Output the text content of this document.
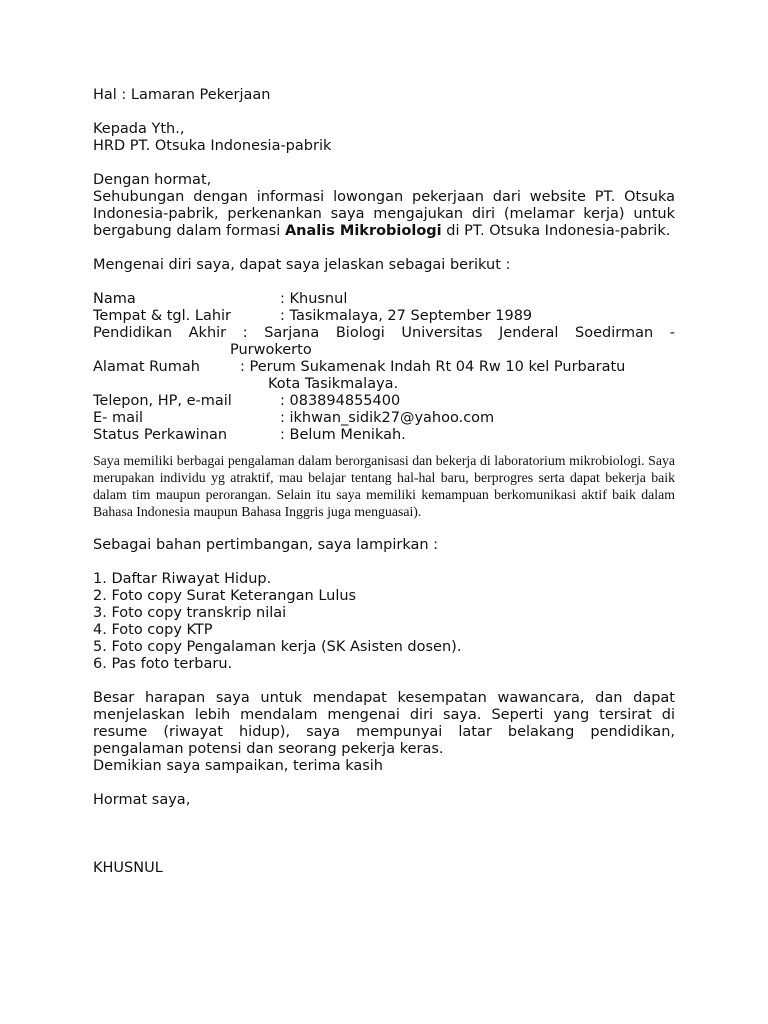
Hal : Lamaran Pekerjaan

Kepada Yth.,

HRD PT. Otsuka Indonesia-pabrik

Dengan hormat,

Sehubungan dengan informasi lowongan pekerjaan dari website PT. Otsuka Indonesia-pabrik, perkenankan saya mengajukan diri (melamar kerja) untuk bergabung dalam formasi Analis Mikrobiologi di PT. Otsuka Indonesia-pabrik.

Mengenai diri saya, dapat saya jelaskan sebagai berikut :

Nama	: Khusnul
Tempat & tgl. Lahir	: Tasikmalaya, 27 September 1989

Pendidikan Akhir : Sarjana Biologi Universitas Jenderal Soedirman -

Purwokerto

Alamat Rumah	: Perum Sukamenak Indah Rt 04 Rw 10 kel Purbaratu

Kota Tasikmalaya.

Telepon, HP, e-mail	: 083894855400
E- mail	: ikhwan_sidik27@yahoo.com
Status Perkawinan	: Belum Menikah.

Saya memiliki berbagai pengalaman dalam berorganisasi dan bekerja di laboratorium mikrobiologi. Saya merupakan individu yg atraktif, mau belajar tentang hal-hal baru, berprogres serta dapat bekerja baik dalam tim maupun perorangan. Selain itu saya memiliki kemampuan berkomunikasi aktif baik dalam Bahasa Indonesia maupun Bahasa Inggris juga menguasai).

Sebagai bahan pertimbangan, saya lampirkan :

1. Daftar Riwayat Hidup.

2. Foto copy Surat Keterangan Lulus

3. Foto copy transkrip nilai

4. Foto copy KTP

5. Foto copy Pengalaman kerja (SK Asisten dosen).

6. Pas foto terbaru.

Besar harapan saya untuk mendapat kesempatan wawancara, dan dapat menjelaskan lebih mendalam mengenai diri saya. Seperti yang tersirat di resume (riwayat hidup), saya mempunyai latar belakang pendidikan, pengalaman potensi dan seorang pekerja keras.

Demikian saya sampaikan, terima kasih

Hormat saya,

KHUSNUL
